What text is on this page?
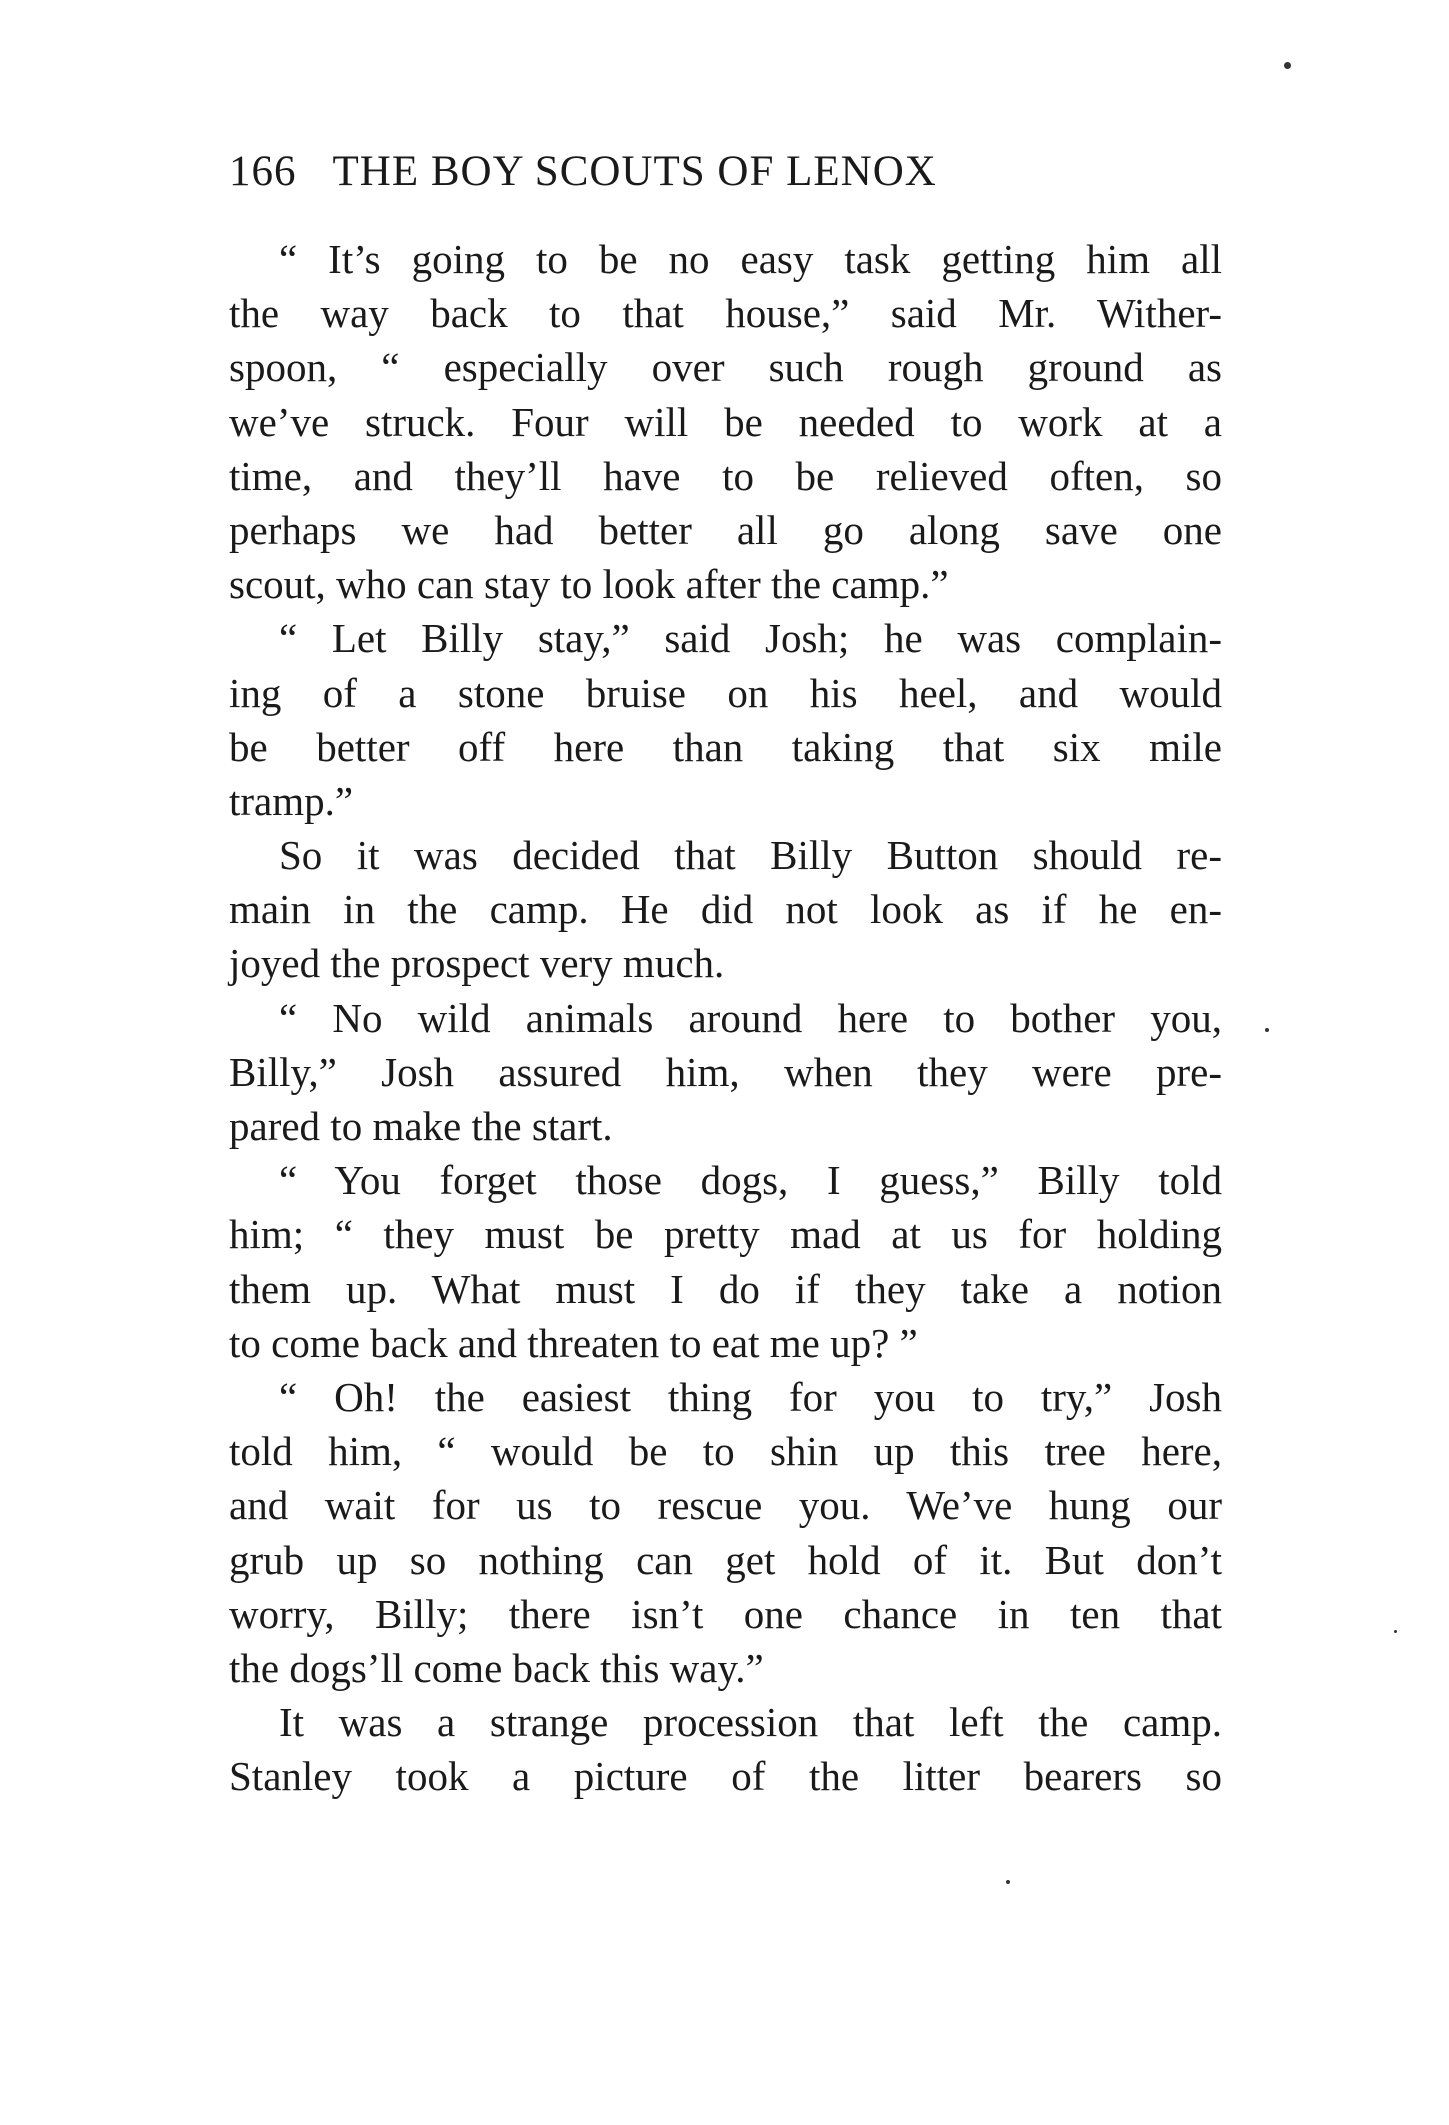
166 THE BOY SCOUTS OF LENOX
“ It’s going to be no easy task getting him all
the way back to that house,” said Mr. Wither-
spoon, “ especially over such rough ground as
we’ve struck. Four will be needed to work at a
time, and they’ll have to be relieved often, so
perhaps we had better all go along save one
scout, who can stay to look after the camp.”
“ Let Billy stay,” said Josh; he was complain-
ing of a stone bruise on his heel, and would
be better off here than taking that six mile
tramp.”
So it was decided that Billy Button should re-
main in the camp. He did not look as if he en-
joyed the prospect very much.
“ No wild animals around here to bother you,
Billy,” Josh assured him, when they were pre-
pared to make the start.
“ You forget those dogs, I guess,” Billy told
him; “ they must be pretty mad at us for holding
them up. What must I do if they take a notion
to come back and threaten to eat me up? ”
“ Oh! the easiest thing for you to try,” Josh
told him, “ would be to shin up this tree here,
and wait for us to rescue you. We’ve hung our
grub up so nothing can get hold of it. But don’t
worry, Billy; there isn’t one chance in ten that
the dogs’ll come back this way.”
It was a strange procession that left the camp.
Stanley took a picture of the litter bearers so
